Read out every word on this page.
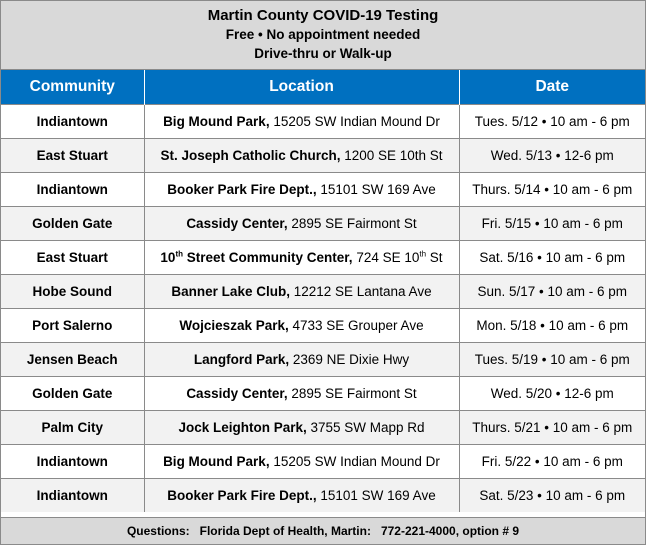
Martin County COVID-19 Testing
Free • No appointment needed
Drive-thru or Walk-up
Community	Location	Date
Indiantown	Big Mound Park, 15205 SW Indian Mound Dr	Tues. 5/12 • 10 am - 6 pm
East Stuart	St. Joseph Catholic Church, 1200 SE 10th St	Wed. 5/13 • 12-6 pm
Indiantown	Booker Park Fire Dept., 15101 SW 169 Ave	Thurs. 5/14 • 10 am - 6 pm
Golden Gate	Cassidy Center, 2895 SE Fairmont St	Fri. 5/15 • 10 am - 6 pm
East Stuart	10th Street Community Center, 724 SE 10th St	Sat. 5/16 • 10 am - 6 pm
Hobe Sound	Banner Lake Club, 12212 SE Lantana Ave	Sun. 5/17 • 10 am - 6 pm
Port Salerno	Wojcieszak Park, 4733 SE Grouper Ave	Mon. 5/18 • 10 am - 6 pm
Jensen Beach	Langford Park, 2369 NE Dixie Hwy	Tues. 5/19 • 10 am - 6 pm
Golden Gate	Cassidy Center, 2895 SE Fairmont St	Wed. 5/20 • 12-6 pm
Palm City	Jock Leighton Park, 3755 SW Mapp Rd	Thurs. 5/21 • 10 am - 6 pm
Indiantown	Big Mound Park, 15205 SW Indian Mound Dr	Fri. 5/22 • 10 am - 6 pm
Indiantown	Booker Park Fire Dept., 15101 SW 169 Ave	Sat. 5/23 • 10 am - 6 pm
Questions:   Florida Dept of Health, Martin:   772-221-4000, option # 9
